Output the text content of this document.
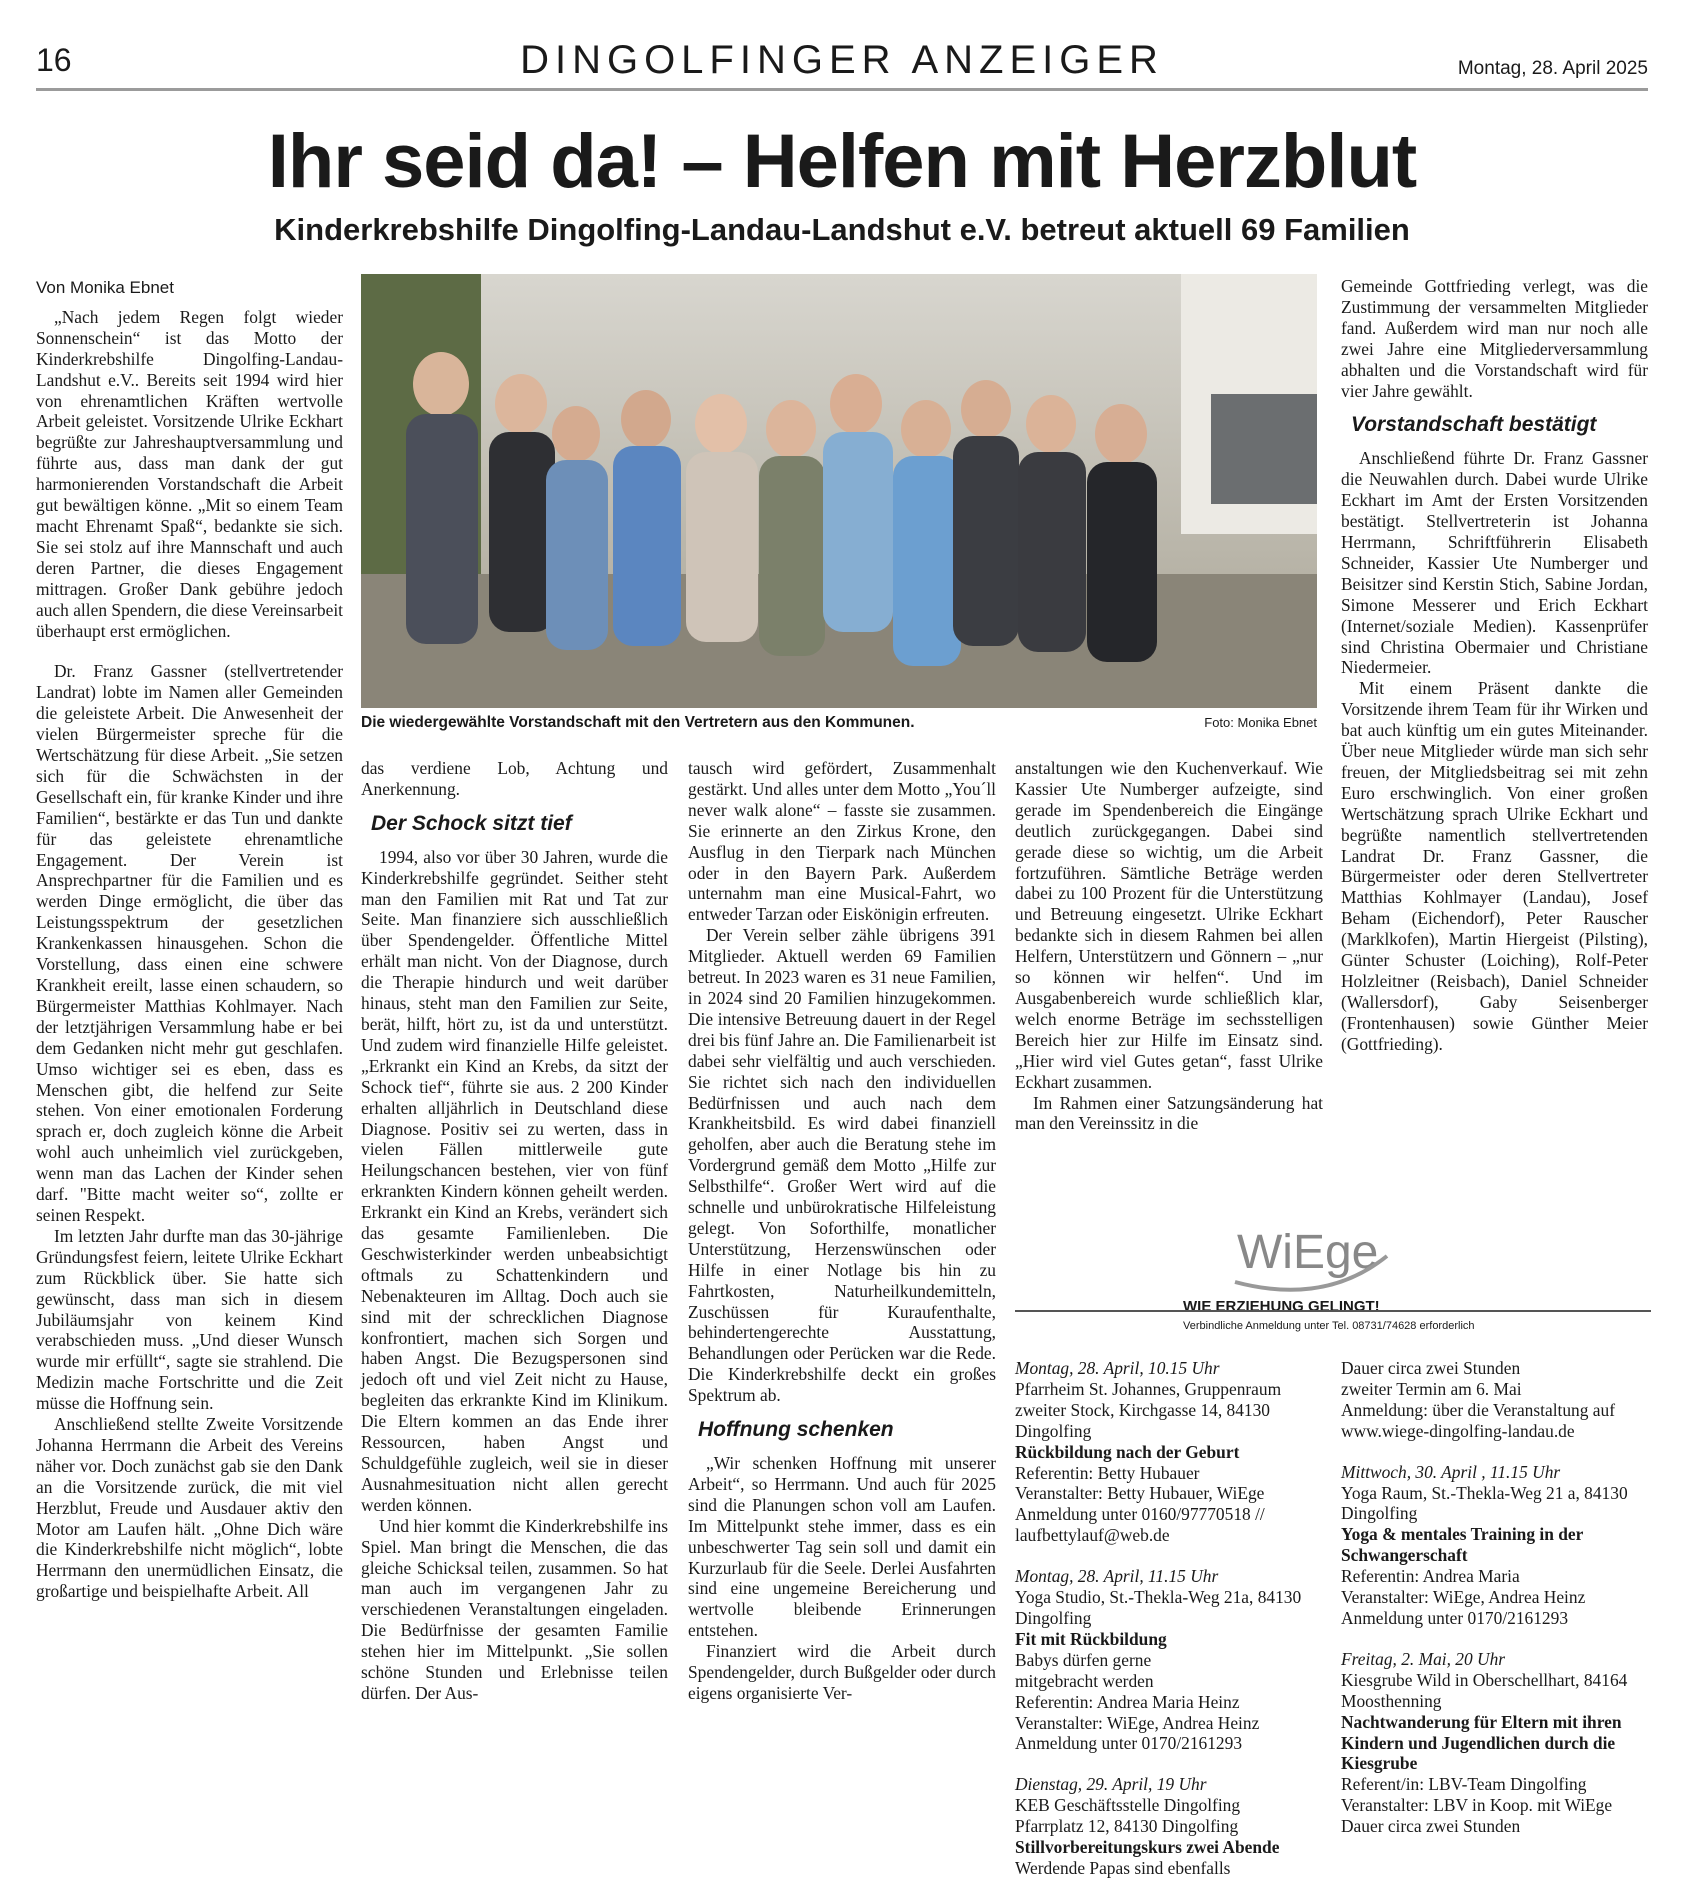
16	DINGOLFINGER ANZEIGER	Montag, 28. April 2025
Ihr seid da! – Helfen mit Herzblut
Kinderkrebshilfe Dingolfing-Landau-Landshut e.V. betreut aktuell 69 Familien
Von Monika Ebnet

„Nach jedem Regen folgt wieder Sonnenschein“ ist das Motto der Kinderkrebshilfe Dingolfing-Landau-Landshut e.V.. Bereits seit 1994 wird hier von ehrenamtlichen Kräften wertvolle Arbeit geleistet. Vorsitzende Ulrike Eckhart begrüßte zur Jahreshauptversammlung und führte aus, dass man dank der gut harmonierenden Vorstandschaft die Arbeit gut bewältigen könne. „Mit so einem Team macht Ehrenamt Spaß“, bedankte sie sich. Sie sei stolz auf ihre Mannschaft und auch deren Partner, die dieses Engagement mittragen. Großer Dank gebühre jedoch auch allen Spendern, die diese Vereinsarbeit überhaupt erst ermöglichen.

Dr. Franz Gassner (stellvertretender Landrat) lobte im Namen aller Gemeinden die geleistete Arbeit. Die Anwesenheit der vielen Bürgermeister spreche für die Wertschätzung für diese Arbeit. „Sie setzen sich für die Schwächsten in der Gesellschaft ein, für kranke Kinder und ihre Familien“, bestärkte er das Tun und dankte für das geleistete ehrenamtliche Engagement. Der Verein ist Ansprechpartner für die Familien und es werden Dinge ermöglicht, die über das Leistungsspektrum der gesetzlichen Krankenkassen hinausgehen. Schon die Vorstellung, dass einen eine schwere Krankheit ereilt, lasse einen schaudern, so Bürgermeister Matthias Kohlmayer. Nach der letztjährigen Versammlung habe er bei dem Gedanken nicht mehr gut geschlafen. Umso wichtiger sei es eben, dass es Menschen gibt, die helfend zur Seite stehen. Von einer emotionalen Forderung sprach er, doch zugleich könne die Arbeit wohl auch unheimlich viel zurückgeben, wenn man das Lachen der Kinder sehen darf. "Bitte macht weiter so“, zollte er seinen Respekt.

Im letzten Jahr durfte man das 30-jährige Gründungsfest feiern, leitete Ulrike Eckhart zum Rückblick über. Sie hatte sich gewünscht, dass man sich in diesem Jubiläumsjahr von keinem Kind verabschieden muss. „Und dieser Wunsch wurde mir erfüllt“, sagte sie strahlend. Die Medizin mache Fortschritte und die Zeit müsse die Hoffnung sein.

Anschließend stellte Zweite Vorsitzende Johanna Herrmann die Arbeit des Vereins näher vor. Doch zunächst gab sie den Dank an die Vorsitzende zurück, die mit viel Herzblut, Freude und Ausdauer aktiv den Motor am Laufen hält. „Ohne Dich wäre die Kinderkrebshilfe nicht möglich“, lobte Herrmann den unermüdlichen Einsatz, die großartige und beispielhafte Arbeit. All

Die wiedergewählte Vorstandschaft mit den Vertretern aus den Kommunen.	Foto: Monika Ebnet

das verdiene Lob, Achtung und Anerkennung.

Der Schock sitzt tief

1994, also vor über 30 Jahren, wurde die Kinderkrebshilfe gegründet. Seither steht man den Familien mit Rat und Tat zur Seite. Man finanziere sich ausschließlich über Spendengelder. Öffentliche Mittel erhält man nicht. Von der Diagnose, durch die Therapie hindurch und weit darüber hinaus, steht man den Familien zur Seite, berät, hilft, hört zu, ist da und unterstützt. Und zudem wird finanzielle Hilfe geleistet. „Erkrankt ein Kind an Krebs, da sitzt der Schock tief“, führte sie aus. 2 200 Kinder erhalten alljährlich in Deutschland diese Diagnose. Positiv sei zu werten, dass in vielen Fällen mittlerweile gute Heilungschancen bestehen, vier von fünf erkrankten Kindern können geheilt werden. Erkrankt ein Kind an Krebs, verändert sich das gesamte Familienleben. Die Geschwisterkinder werden unbeabsichtigt oftmals zu Schattenkindern und Nebenakteuren im Alltag. Doch auch sie sind mit der schrecklichen Diagnose konfrontiert, machen sich Sorgen und haben Angst. Die Bezugspersonen sind jedoch oft und viel Zeit nicht zu Hause, begleiten das erkrankte Kind im Klinikum. Die Eltern kommen an das Ende ihrer Ressourcen, haben Angst und Schuldgefühle zugleich, weil sie in dieser Ausnahmesituation nicht allen gerecht werden können.

Und hier kommt die Kinderkrebshilfe ins Spiel. Man bringt die Menschen, die das gleiche Schicksal teilen, zusammen. So hat man auch im vergangenen Jahr zu verschiedenen Veranstaltungen eingeladen. Die Bedürfnisse der gesamten Familie stehen hier im Mittelpunkt. „Sie sollen schöne Stunden und Erlebnisse teilen dürfen. Der Aus-

tausch wird gefördert, Zusammenhalt gestärkt. Und alles unter dem Motto „You´ll never walk alone“ – fasste sie zusammen. Sie erinnerte an den Zirkus Krone, den Ausflug in den Tierpark nach München oder in den Bayern Park. Außerdem unternahm man eine Musical-Fahrt, wo entweder Tarzan oder Eiskönigin erfreuten.

Der Verein selber zähle übrigens 391 Mitglieder. Aktuell werden 69 Familien betreut. In 2023 waren es 31 neue Familien, in 2024 sind 20 Familien hinzugekommen. Die intensive Betreuung dauert in der Regel drei bis fünf Jahre an. Die Familienarbeit ist dabei sehr vielfältig und auch verschieden. Sie richtet sich nach den individuellen Bedürfnissen und auch nach dem Krankheitsbild. Es wird dabei finanziell geholfen, aber auch die Beratung stehe im Vordergrund gemäß dem Motto „Hilfe zur Selbsthilfe“. Großer Wert wird auf die schnelle und unbürokratische Hilfeleistung gelegt. Von Soforthilfe, monatlicher Unterstützung, Herzenswünschen oder Hilfe in einer Notlage bis hin zu Fahrtkosten, Naturheilkundemitteln, Zuschüssen für Kuraufenthalte, behindertengerechte Ausstattung, Behandlungen oder Perücken war die Rede. Die Kinderkrebshilfe deckt ein großes Spektrum ab.

Hoffnung schenken

„Wir schenken Hoffnung mit unserer Arbeit“, so Herrmann. Und auch für 2025 sind die Planungen schon voll am Laufen. Im Mittelpunkt stehe immer, dass es ein unbeschwerter Tag sein soll und damit ein Kurzurlaub für die Seele. Derlei Ausfahrten sind eine ungemeine Bereicherung und wertvolle bleibende Erinnerungen entstehen.

Finanziert wird die Arbeit durch Spendengelder, durch Bußgelder oder durch eigens organisierte Ver-

anstaltungen wie den Kuchenverkauf. Wie Kassier Ute Numberger aufzeigte, sind gerade im Spendenbereich die Eingänge deutlich zurückgegangen. Dabei sind gerade diese so wichtig, um die Arbeit fortzuführen. Sämtliche Beträge werden dabei zu 100 Prozent für die Unterstützung und Betreuung eingesetzt. Ulrike Eckhart bedankte sich in diesem Rahmen bei allen Helfern, Unterstützern und Gönnern – „nur so können wir helfen“. Und im Ausgabenbereich wurde schließlich klar, welch enorme Beträge im sechsstelligen Bereich hier zur Hilfe im Einsatz sind. „Hier wird viel Gutes getan“, fasst Ulrike Eckhart zusammen.

Im Rahmen einer Satzungsänderung hat man den Vereinssitz in die

Gemeinde Gottfrieding verlegt, was die Zustimmung der versammelten Mitglieder fand. Außerdem wird man nur noch alle zwei Jahre eine Mitgliederversammlung abhalten und die Vorstandschaft wird für vier Jahre gewählt.

Vorstandschaft bestätigt

Anschließend führte Dr. Franz Gassner die Neuwahlen durch. Dabei wurde Ulrike Eckhart im Amt der Ersten Vorsitzenden bestätigt. Stellvertreterin ist Johanna Herrmann, Schriftführerin Elisabeth Schneider, Kassier Ute Numberger und Beisitzer sind Kerstin Stich, Sabine Jordan, Simone Messerer und Erich Eckhart (Internet/soziale Medien). Kassenprüfer sind Christina Obermaier und Christiane Niedermeier.

Mit einem Präsent dankte die Vorsitzende ihrem Team für ihr Wirken und bat auch künftig um ein gutes Miteinander. Über neue Mitglieder würde man sich sehr freuen, der Mitgliedsbeitrag sei mit zehn Euro erschwinglich. Von einer großen Wertschätzung sprach Ulrike Eckhart und begrüßte namentlich stellvertretenden Landrat Dr. Franz Gassner, die Bürgermeister oder deren Stellvertreter Matthias Kohlmayer (Landau), Josef Beham (Eichendorf), Peter Rauscher (Marklkofen), Martin Hiergeist (Pilsting), Günter Schuster (Loiching), Rolf-Peter Holzleitner (Reisbach), Daniel Schneider (Wallersdorf), Gaby Seisenberger (Frontenhausen) sowie Günther Meier (Gottfrieding).

WiEge
WIE ERZIEHUNG GELINGT!
Verbindliche Anmeldung unter Tel. 08731/74628 erforderlich
Montag, 28. April, 10.15 Uhr
Pfarrheim St. Johannes, Gruppenraum zweiter Stock, Kirchgasse 14, 84130 Dingolfing
Rückbildung nach der Geburt
Referentin: Betty Hubauer
Veranstalter: Betty Hubauer, WiEge
Anmeldung unter 0160/97770518 // laufbettylauf@web.de
Montag, 28. April, 11.15 Uhr
Yoga Studio, St.-Thekla-Weg 21a, 84130 Dingolfing
Fit mit Rückbildung
Babys dürfen gerne
mitgebracht werden
Referentin: Andrea Maria Heinz
Veranstalter: WiEge, Andrea Heinz
Anmeldung unter 0170/2161293
Dienstag, 29. April, 19 Uhr
KEB Geschäftsstelle Dingolfing
Pfarrplatz 12, 84130 Dingolfing
Stillvorbereitungskurs zwei Abende
Werdende Papas sind ebenfalls
Dauer circa zwei Stunden
zweiter Termin am 6. Mai
Anmeldung: über die Veranstaltung auf www.wiege-dingolfing-landau.de
Mittwoch, 30. April , 11.15 Uhr
Yoga Raum, St.-Thekla-Weg 21 a, 84130 Dingolfing
Yoga & mentales Training in der Schwangerschaft
Referentin: Andrea Maria
Veranstalter: WiEge, Andrea Heinz
Anmeldung unter 0170/2161293
Freitag, 2. Mai, 20 Uhr
Kiesgrube Wild in Oberschellhart, 84164 Moosthenning
Nachtwanderung für Eltern mit ihren Kindern und Jugendlichen durch die Kiesgrube
Referent/in: LBV-Team Dingolfing
Veranstalter: LBV in Koop. mit WiEge
Dauer circa zwei Stunden
